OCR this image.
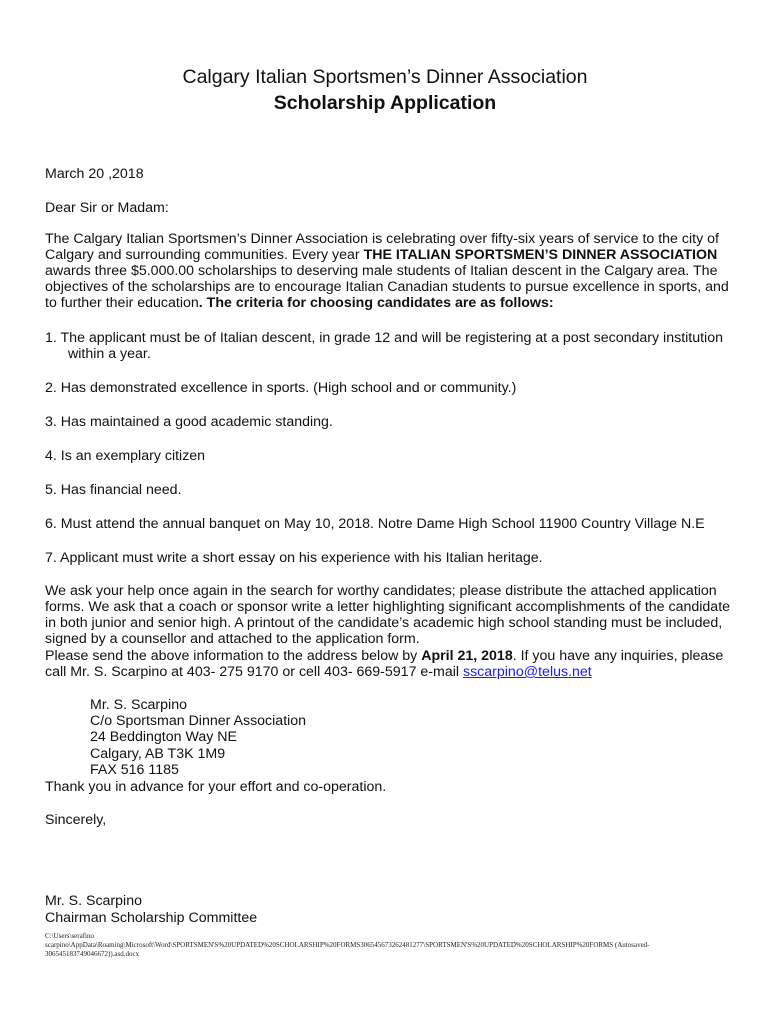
Calgary Italian Sportsmen’s Dinner Association
Scholarship Application
March 20 ,2018
Dear Sir or Madam:
The Calgary Italian Sportsmen’s Dinner Association is celebrating over fifty-six years of service to the city of
Calgary and surrounding communities. Every year THE ITALIAN SPORTSMEN’S DINNER ASSOCIATION
awards three $5.000.00 scholarships to deserving male students of Italian descent in the Calgary area. The
objectives of the scholarships are to encourage Italian Canadian students to pursue excellence in sports, and
to further their education. The criteria for choosing candidates are as follows:
1. The applicant must be of Italian descent, in grade 12 and will be registering at a post secondary institution
within a year.
2. Has demonstrated excellence in sports. (High school and or community.)
3. Has maintained a good academic standing.
4. Is an exemplary citizen
5. Has financial need.
6. Must attend the annual banquet on May 10, 2018. Notre Dame High School 11900 Country Village N.E
7. Applicant must write a short essay on his experience with his Italian heritage.
We ask your help once again in the search for worthy candidates; please distribute the attached application
forms. We ask that a coach or sponsor write a letter highlighting significant accomplishments of the candidate
in both junior and senior high. A printout of the candidate’s academic high school standing must be included,
signed by a counsellor and attached to the application form.
Please send the above information to the address below by April 21, 2018. If you have any inquiries, please
call Mr. S. Scarpino at 403- 275 9170 or cell 403- 669-5917 e-mail sscarpino@telus.net
Mr. S. Scarpino
C/o Sportsman Dinner Association
24 Beddington Way NE
Calgary, AB T3K 1M9
FAX 516 1185
Thank you in advance for your effort and co-operation.
Sincerely,
Mr. S. Scarpino
Chairman Scholarship Committee
C:\Users\serafino
scarpino\AppData\Roaming\Microsoft\Word\SPORTSMEN'S%20UPDATED%20SCHOLARSHIP%20FORMS306545673262481277\SPORTSMEN'S%20UPDATED%20SCHOLARSHIP%20FORMS (Autosaved-
306545183749046672)).asd.docx
